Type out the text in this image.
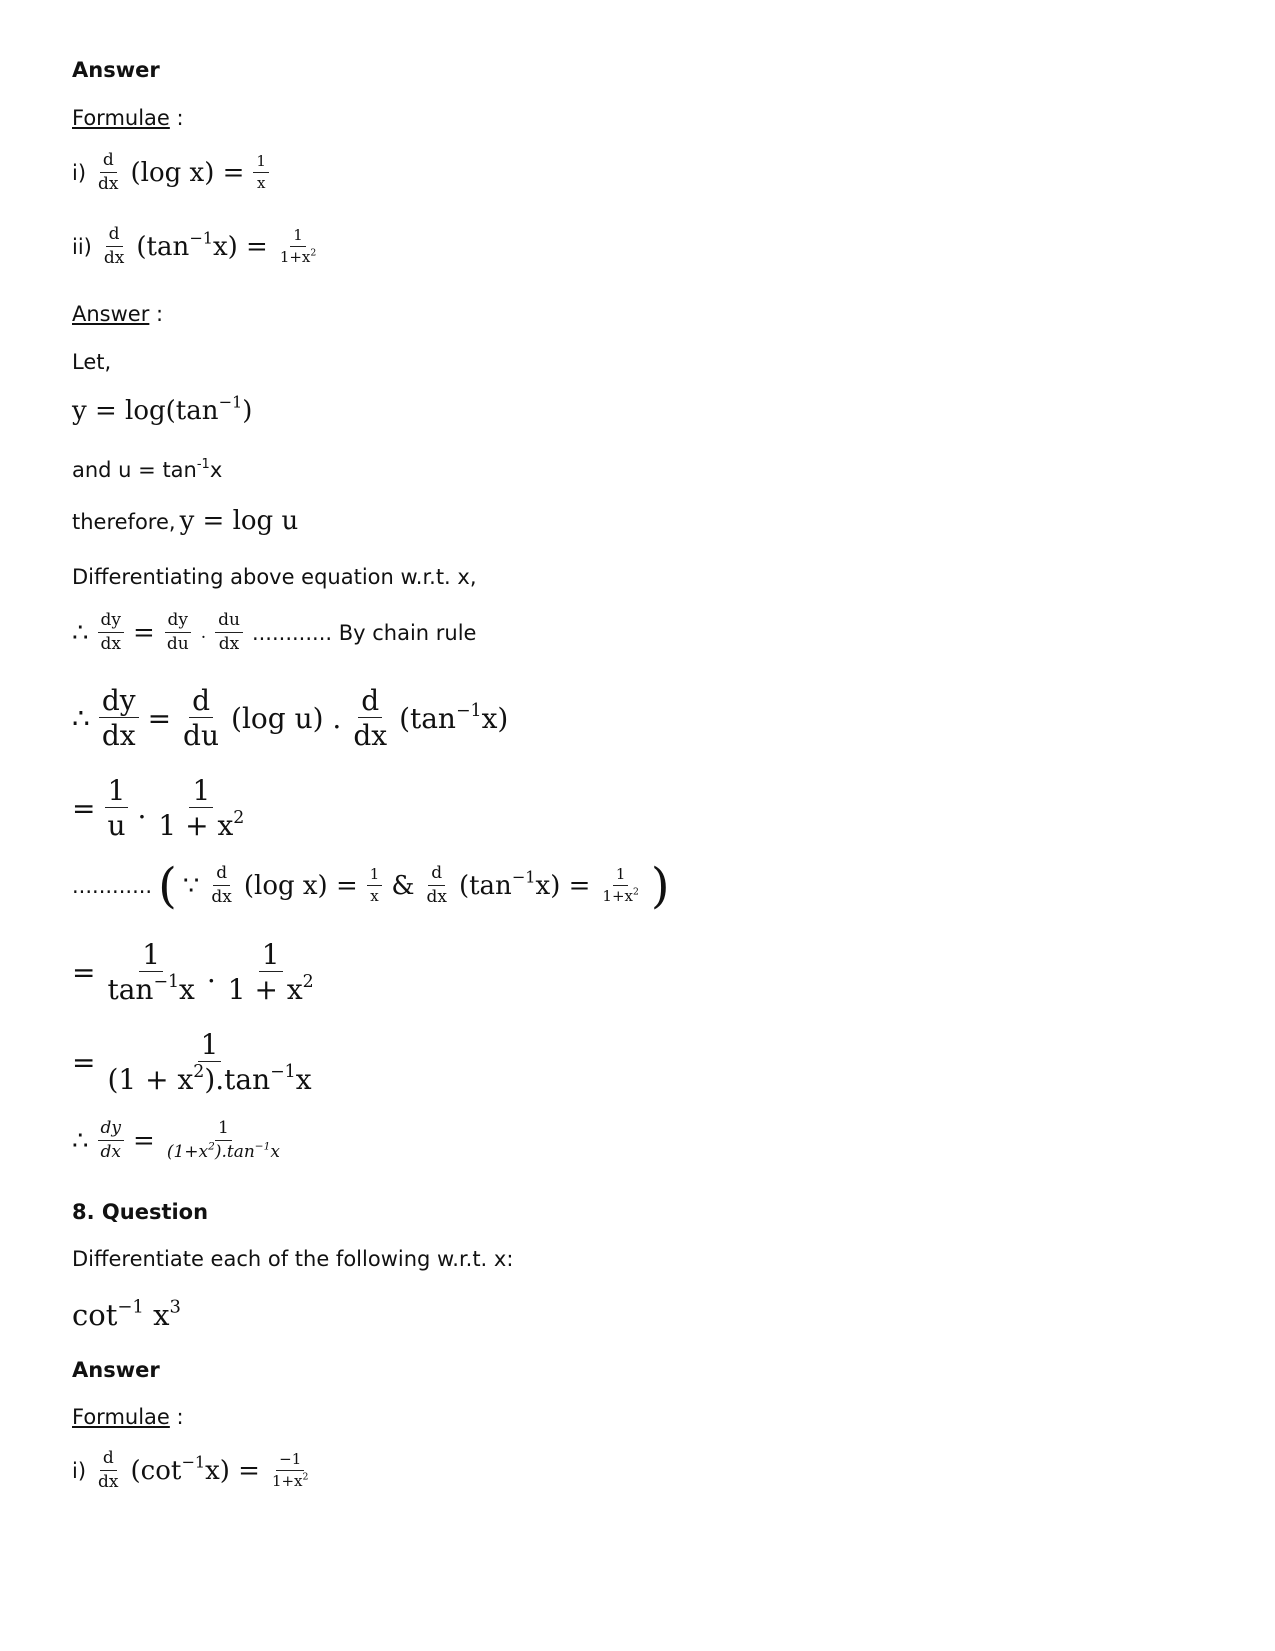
Answer
Formulae :
$i) \frac{d}{dx} (\log$ $x) = \frac{1}{x}$
$ii) \frac{d}{dx} (\tan^{-1}x) = \frac{1}{1+x^2}$
Answer :
Let,
$y = \log(\tan^{-1})$
and $u = \tan^{-1}x$
therefore, y = log u
Differentiating above equation w.r.t. x,
∴ $\frac{dy}{dx} = \frac{dy}{du}$ . $\frac{du}{dx}$ ............ By chain rule
∴ $\frac{dy}{dx} = \frac{d}{du} (\log$ u) . $\frac{d}{dx} (\tan^{-1}x)$
= $\frac{1}{u}$ . $\frac{1}{1 + x^2}$
............ ( ∵ $\frac{d}{dx} (\log$ $x) = \frac{1}{x}$ & $\frac{d}{dx} (\tan^{-1}x) = \frac{1}{1+x^2}$ )
= $\frac{1}{\tan^{-1}x}$ . $\frac{1}{1 + x^2}$
= $\frac{1}{(1 + x^2).\tan^{-1}x}$
∴ $\frac{dy}{dx} = \frac{1}{(1+x^2).\tan^{-1}x}$
8. Question
Differentiate each of the following w.r.t. x:
$\cot^{-1} x^3$
Answer
Formulae :
$i) \frac{d}{dx} (\cot^{-1}x) = \frac{-1}{1+x^2}$
